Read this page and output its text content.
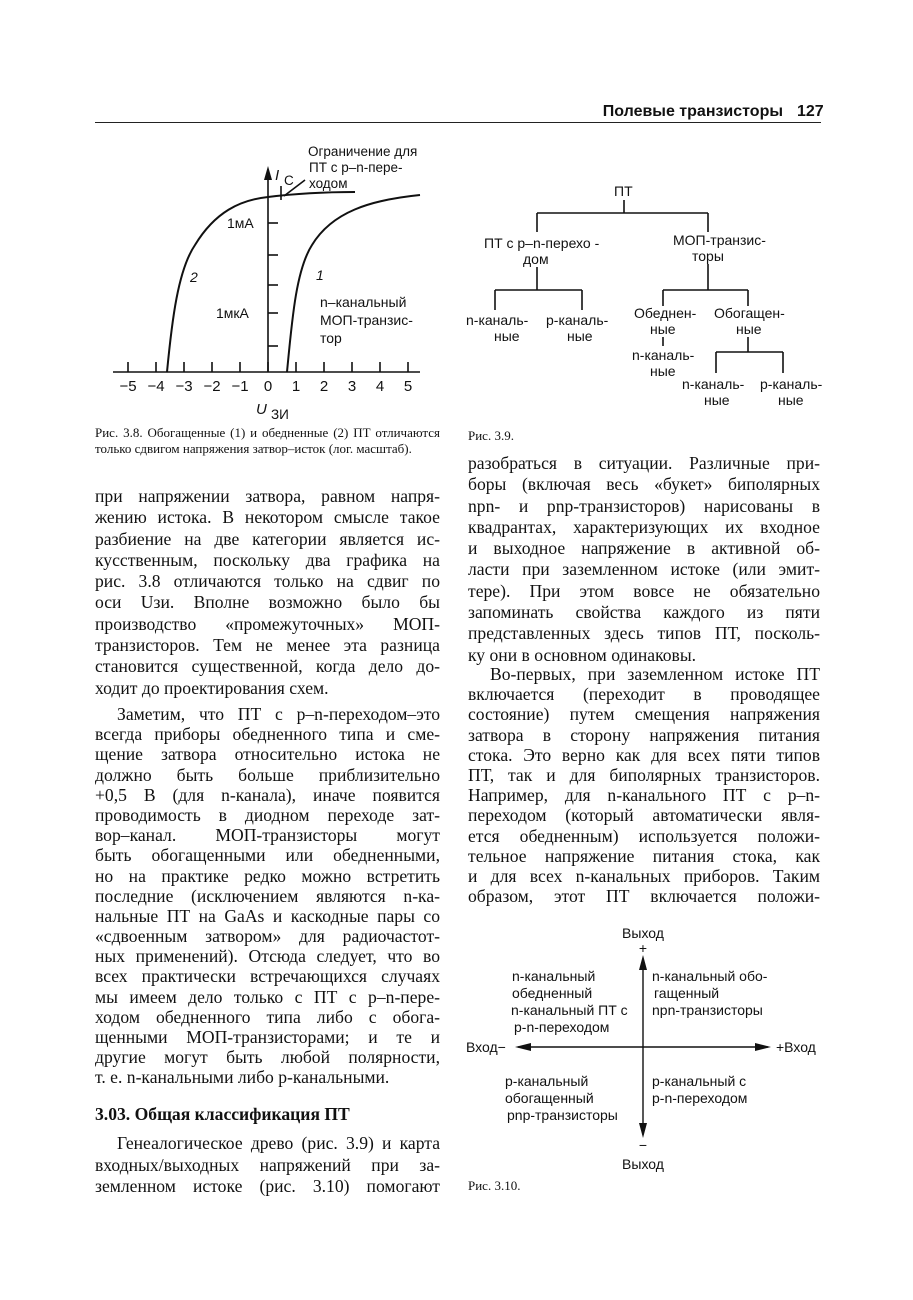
Полевые транзисторы 127
−5 −4 −3 −2 −1 0 1 2 3 4 5
I C
U ЗИ
1мА
1мкА
2	1
Ограничение для
ПТ с p–n-пере-
ходом
n–канальный
МОП-транзис-
тор
ПТ
ПТ с p–n-перехо -
дом
МОП-транзис-
торы
n-каналь-
ные
p-каналь-
ные
Обеднен-
ные
Обогащен-
ные
n-каналь-
ные
n-каналь-
ные
p-каналь-
ные
Выход
+
−
Выход
Вход−	+Вход
n-канальный
обедненный
n-канальный ПТ с
p-n-переходом
n-канальный обо-
гащенный
npn-транзисторы
p-канальный
обогащенный
pnp-транзисторы
p-канальный с
p-n-переходом
Рис. 3.8. Обогащенные (1) и обедненные (2) ПТ отличаются только сдвигом напряжения затвор–исток (лог. масштаб).
Рис. 3.9.
Рис. 3.10.
при напряжении затвора, равном напря-
жению истока. В некотором смысле такое
разбиение на две категории является ис-
кусственным, поскольку два графика на
рис. 3.8 отличаются только на сдвиг по
оси Uзи. Вполне возможно было бы
производство «промежуточных» МОП-
транзисторов. Тем не менее эта разница
становится существенной, когда дело до-
ходит до проектирования схем.
Заметим, что ПТ с p–n-переходом–это
всегда приборы обедненного типа и сме-
щение затвора относительно истока не
должно быть больше приблизительно
+0,5 В (для n-канала), иначе появится
проводимость в диодном переходе зат-
вор–канал. МОП-транзисторы могут
быть обогащенными или обедненными,
но на практике редко можно встретить
последние (исключением являются n-ка-
нальные ПТ на GaAs и каскодные пары со
«сдвоенным затвором» для радиочастот-
ных применений). Отсюда следует, что во
всех практически встречающихся случаях
мы имеем дело только с ПТ с p–n-пере-
ходом обедненного типа либо с обога-
щенными МОП-транзисторами; и те и
другие могут быть любой полярности,
т. е. n-канальными либо p-канальными.
3.03. Общая классификация ПТ
Генеалогическое древо (рис. 3.9) и карта
входных/выходных напряжений при за-
земленном истоке (рис. 3.10) помогают
разобраться в ситуации. Различные при-
боры (включая весь «букет» биполярных
npn- и pnp-транзисторов) нарисованы в
квадрантах, характеризующих их входное
и выходное напряжение в активной об-
ласти при заземленном истоке (или эмит-
тере). При этом вовсе не обязательно
запоминать свойства каждого из пяти
представленных здесь типов ПТ, посколь-
ку они в основном одинаковы.
Во-первых, при заземленном истоке ПТ
включается (переходит в проводящее
состояние) путем смещения напряжения
затвора в сторону напряжения питания
стока. Это верно как для всех пяти типов
ПТ, так и для биполярных транзисторов.
Например, для n-канального ПТ с p–n-
переходом (который автоматически явля-
ется обедненным) используется положи-
тельное напряжение питания стока, как
и для всех n-канальных приборов. Таким
образом, этот ПТ включается положи-
